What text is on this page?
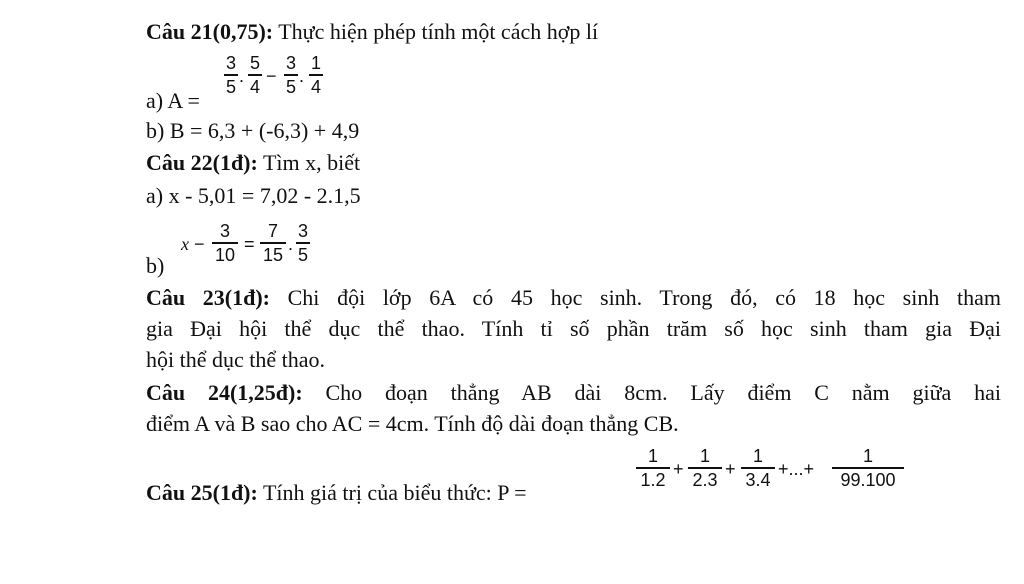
Câu 21(0,75): Thực hiện phép tính một cách hợp lí
a) A =
3
5
.
5
4
−
3
5
.
1
4
b) B = 6,3 + (-6,3) + 4,9
Câu 22(1đ): Tìm x, biết
a) x - 5,01 = 7,02 - 2.1,5
b)
x −
3
10
=
7
15
.
3
5
Câu 23(1đ): Chi đội lớp 6A có 45 học sinh. Trong đó, có 18 học sinh tham
gia Đại hội thể dục thể thao. Tính tỉ số phần trăm số học sinh tham gia Đại
hội thể dục thể thao.
Câu 24(1,25đ): Cho đoạn thẳng AB dài 8cm. Lấy điểm C nằm giữa hai
điểm A và B sao cho AC = 4cm. Tính độ dài đoạn thẳng CB.
Câu 25(1đ): Tính giá trị của biểu thức: P =
1
1.2
+
1
2.3
+
1
3.4
+...+
1
99.100
